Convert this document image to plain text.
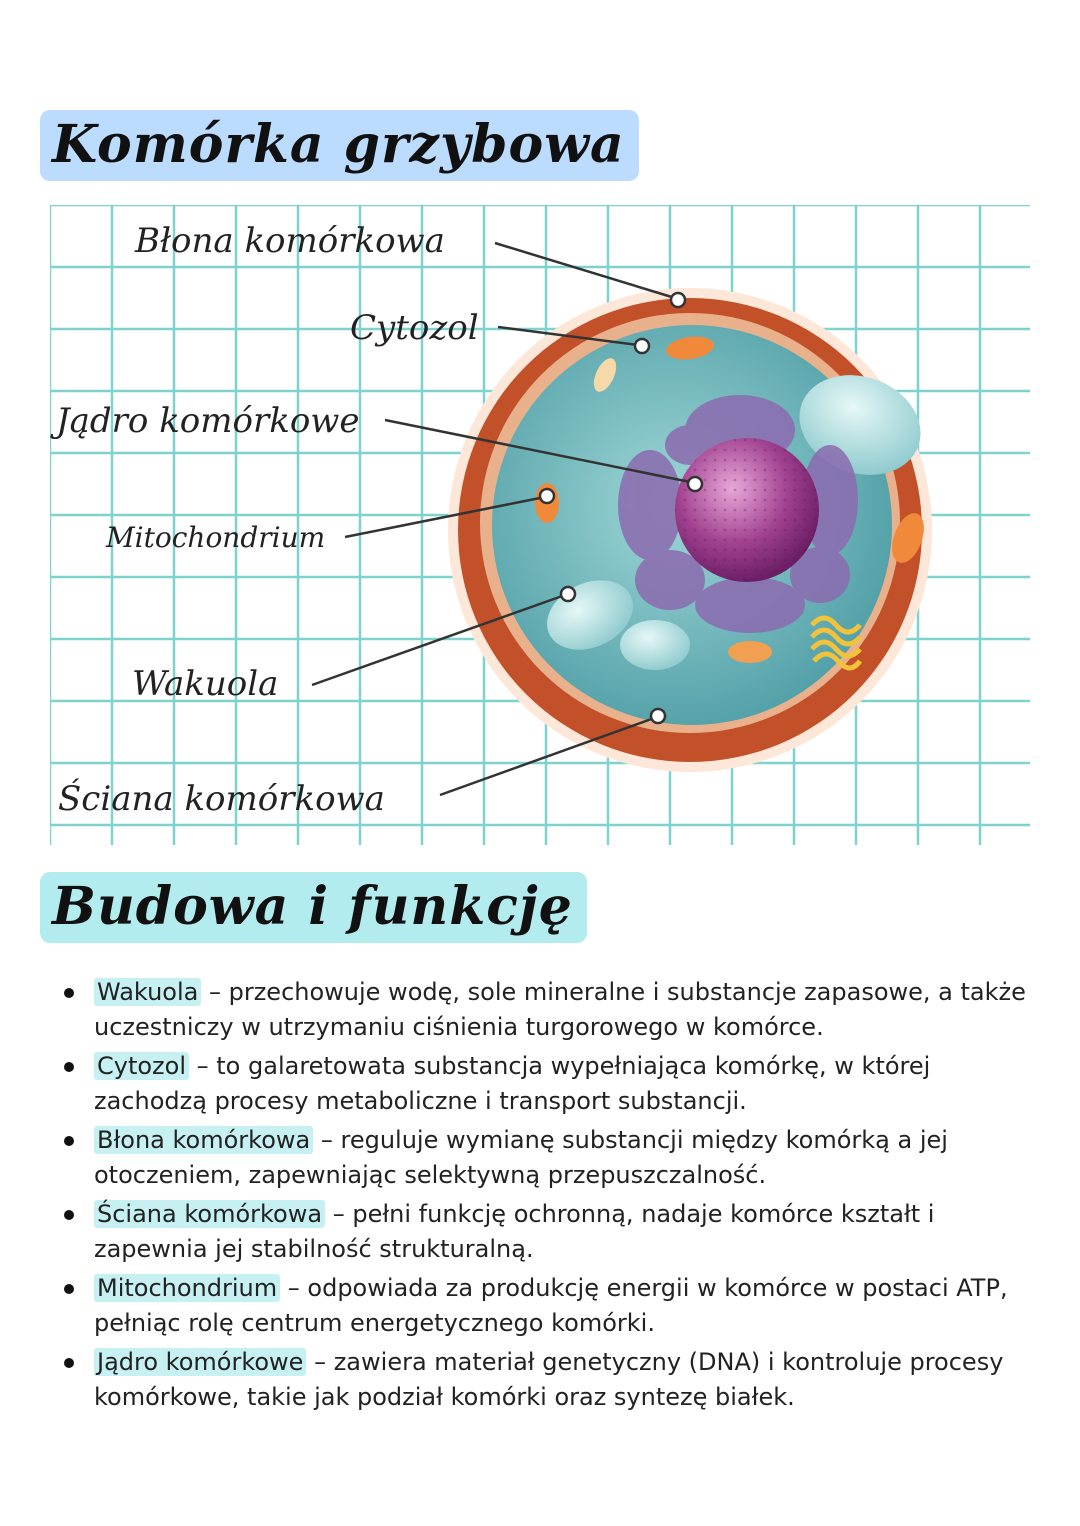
Komórka grzybowa
Błona komórkowa
Cytozol
Jądro komórkowe
Mitochondrium
Wakuola
Ściana komórkowa
Budowa i funkcję
Wakuola – przechowuje wodę, sole mineralne i substancje zapasowe, a także uczestniczy w utrzymaniu ciśnienia turgorowego w komórce.
Cytozol – to galaretowata substancja wypełniająca komórkę, w której zachodzą procesy metaboliczne i transport substancji.
Błona komórkowa – reguluje wymianę substancji między komórką a jej otoczeniem, zapewniając selektywną przepuszczalność.
Ściana komórkowa – pełni funkcję ochronną, nadaje komórce kształt i zapewnia jej stabilność strukturalną.
Mitochondrium – odpowiada za produkcję energii w komórce w postaci ATP, pełniąc rolę centrum energetycznego komórki.
Jądro komórkowe – zawiera materiał genetyczny (DNA) i kontroluje procesy komórkowe, takie jak podział komórki oraz syntezę białek.
